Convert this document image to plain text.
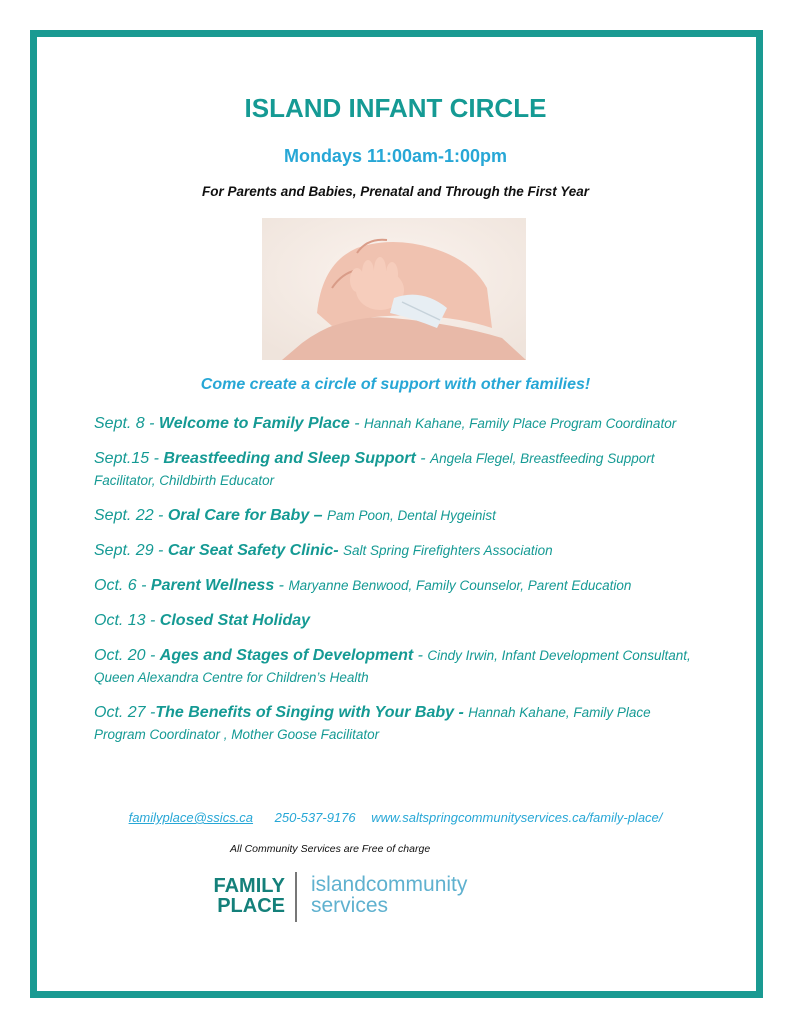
ISLAND INFANT CIRCLE
Mondays 11:00am-1:00pm
For Parents and Babies, Prenatal and Through the First Year
Come create a circle of support with other families!
Sept. 8 - Welcome to Family Place - Hannah Kahane, Family Place Program Coordinator
Sept.15 - Breastfeeding and Sleep Support - Angela Flegel, Breastfeeding Support Facilitator, Childbirth Educator
Sept. 22 - Oral Care for Baby – Pam Poon, Dental Hygeinist
Sept. 29 - Car Seat Safety Clinic- Salt Spring Firefighters Association
Oct. 6 - Parent Wellness - Maryanne Benwood, Family Counselor, Parent Education
Oct. 13 - Closed Stat Holiday
Oct. 20 - Ages and Stages of Development - Cindy Irwin, Infant Development Consultant, Queen Alexandra Centre for Children’s Health
Oct. 27 -The Benefits of Singing with Your Baby - Hannah Kahane, Family Place Program Coordinator , Mother Goose Facilitator
familyplace@ssics.ca 250-537-9176 www.saltspringcommunityservices.ca/family-place/
All Community Services are Free of charge
FAMILY
PLACE
islandcommunity
services
